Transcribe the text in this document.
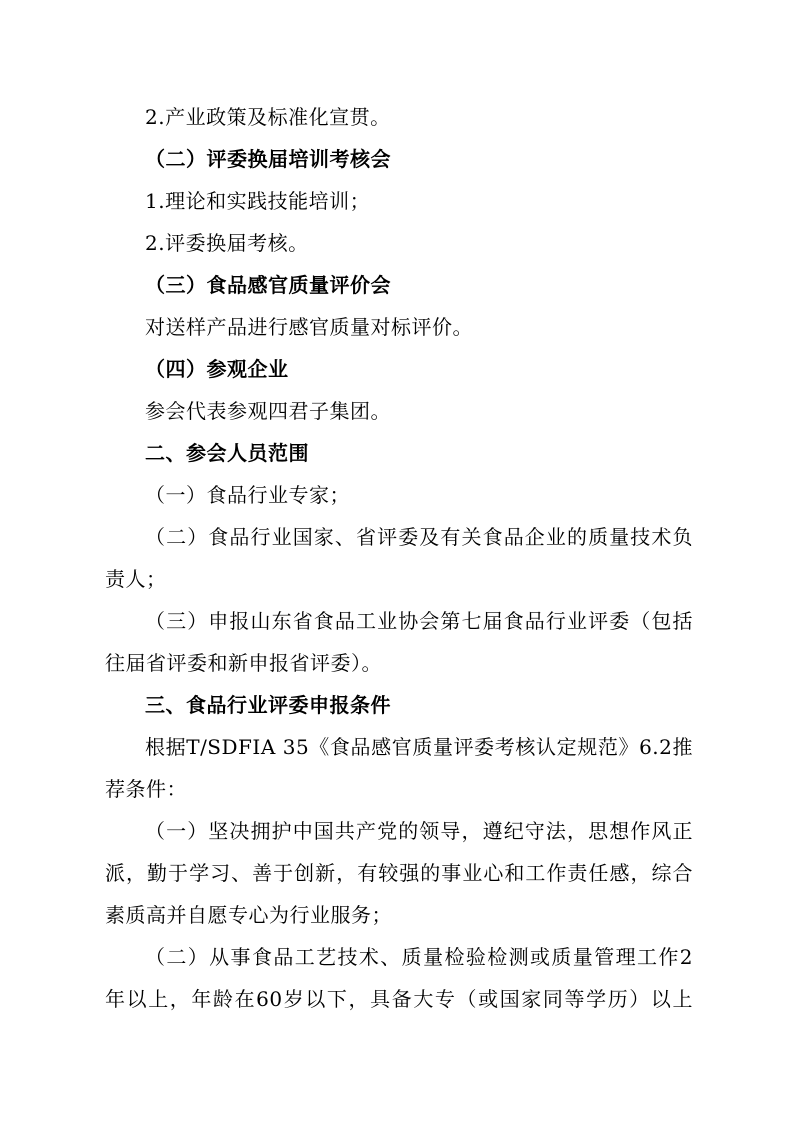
2.产业政策及标准化宣贯。
（二）评委换届培训考核会
1.理论和实践技能培训；
2.评委换届考核。
（三）食品感官质量评价会
对送样产品进行感官质量对标评价。
（四）参观企业
参会代表参观四君子集团。
二、参会人员范围
（一）食品行业专家；
（二）食品行业国家、省评委及有关食品企业的质量技术负
责人；
（三）申报山东省食品工业协会第七届食品行业评委（包括
往届省评委和新申报省评委）。
三、食品行业评委申报条件
根据T/SDFIA 35《食品感官质量评委考核认定规范》6.2推
荐条件：
（一）坚决拥护中国共产党的领导，遵纪守法，思想作风正
派，勤于学习、善于创新，有较强的事业心和工作责任感，综合
素质高并自愿专心为行业服务；
（二）从事食品工艺技术、质量检验检测或质量管理工作2
年以上，年龄在60岁以下，具备大专（或国家同等学历）以上
